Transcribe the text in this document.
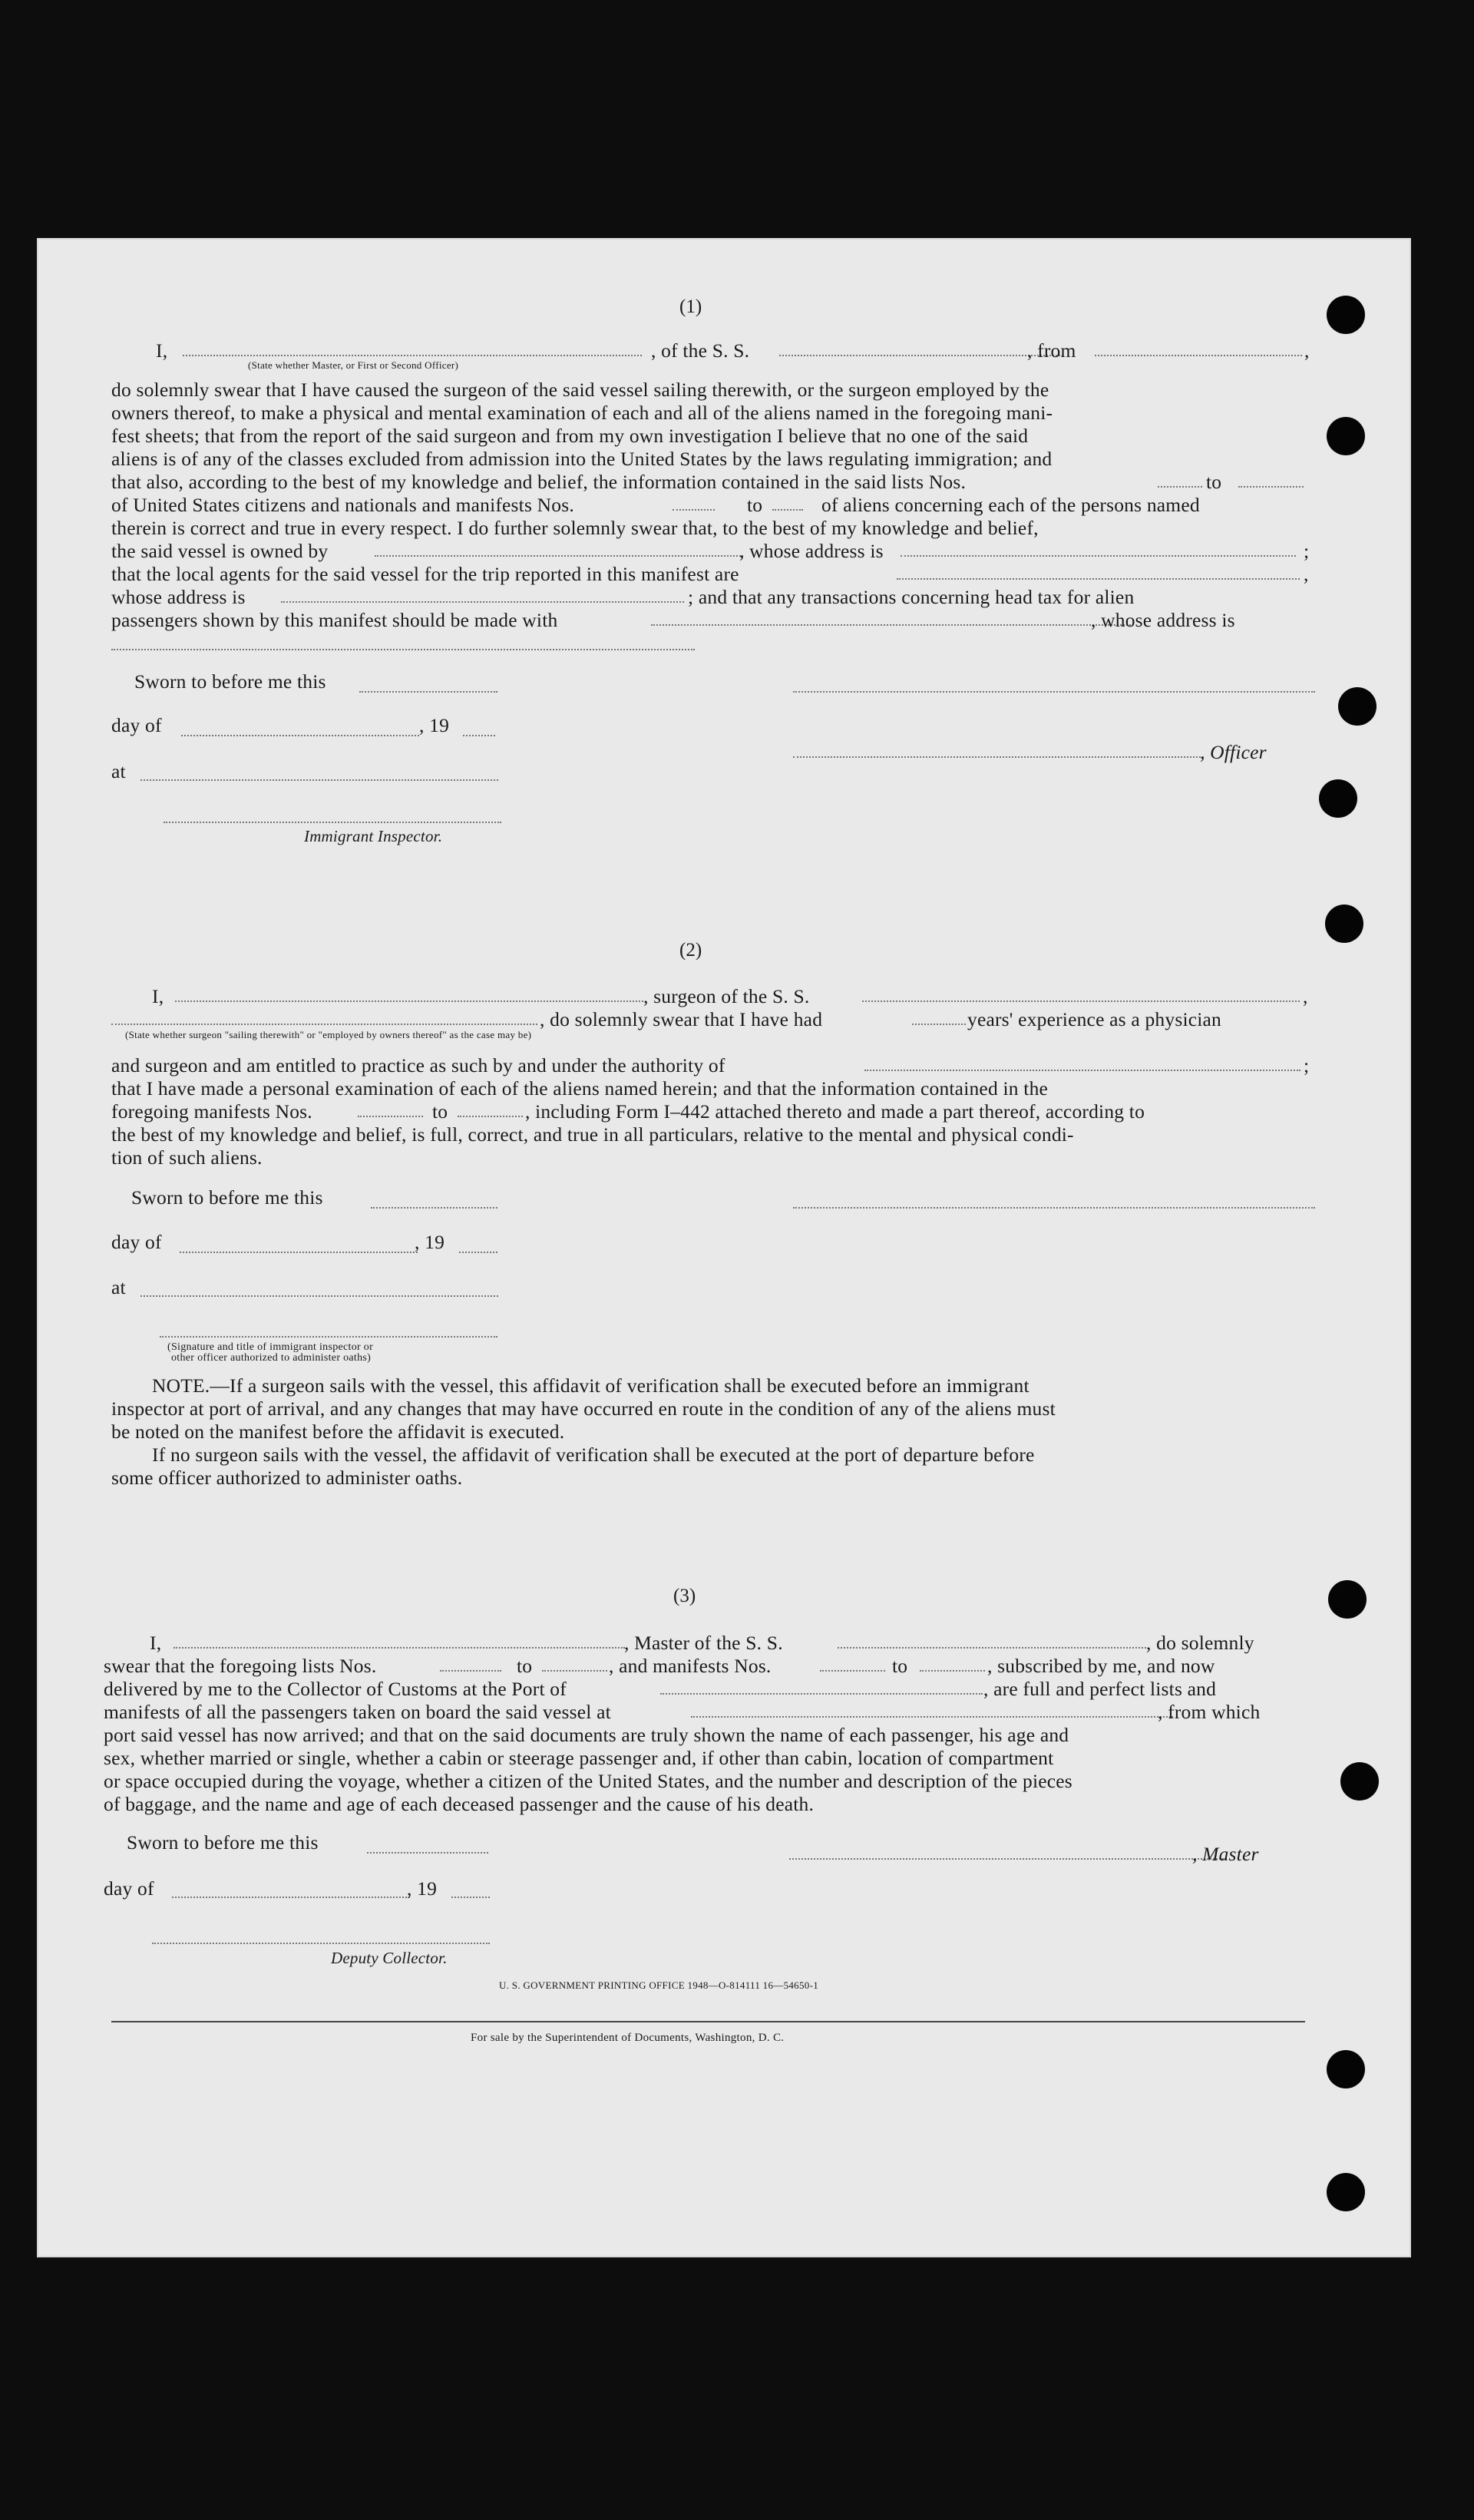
(1)
I,	, of the S. S.	, from	,
(State whether Master, or First or Second Officer)
do solemnly swear that I have caused the surgeon of the said vessel sailing therewith, or the surgeon employed by the
owners thereof, to make a physical and mental examination of each and all of the aliens named in the foregoing mani-
fest sheets; that from the report of the said surgeon and from my own investigation I believe that no one of the said
aliens is of any of the classes excluded from admission into the United States by the laws regulating immigration; and
that also, according to the best of my knowledge and belief, the information contained in the said lists Nos.	to
of United States citizens and nationals and manifests Nos.	to	of aliens concerning each of the persons named
therein is correct and true in every respect. I do further solemnly swear that, to the best of my knowledge and belief,
the said vessel is owned by	, whose address is	;
that the local agents for the said vessel for the trip reported in this manifest are	,
whose address is	; and that any transactions concerning head tax for alien
passengers shown by this manifest should be made with	, whose address is
Sworn to before me this
day of	, 19
, Officer
at
Immigrant Inspector.
(2)
I,	, surgeon of the S. S.	,
, do solemnly swear that I have had	years' experience as a physician
(State whether surgeon "sailing therewith" or "employed by owners thereof" as the case may be)
and surgeon and am entitled to practice as such by and under the authority of	;
that I have made a personal examination of each of the aliens named herein; and that the information contained in the
foregoing manifests Nos.	to	, including Form I–442 attached thereto and made a part thereof, according to
the best of my knowledge and belief, is full, correct, and true in all particulars, relative to the mental and physical condi-
tion of such aliens.
Sworn to before me this
day of	, 19
at
(Signature and title of immigrant inspector or
other officer authorized to administer oaths)
NOTE.—If a surgeon sails with the vessel, this affidavit of verification shall be executed before an immigrant
inspector at port of arrival, and any changes that may have occurred en route in the condition of any of the aliens must
be noted on the manifest before the affidavit is executed.
If no surgeon sails with the vessel, the affidavit of verification shall be executed at the port of departure before
some officer authorized to administer oaths.
(3)
I,	, Master of the S. S.	, do solemnly
swear that the foregoing lists Nos.	to	, and manifests Nos.	to	, subscribed by me, and now
delivered by me to the Collector of Customs at the Port of	, are full and perfect lists and
manifests of all the passengers taken on board the said vessel at	, from which
port said vessel has now arrived; and that on the said documents are truly shown the name of each passenger, his age and
sex, whether married or single, whether a cabin or steerage passenger and, if other than cabin, location of compartment
or space occupied during the voyage, whether a citizen of the United States, and the number and description of the pieces
of baggage, and the name and age of each deceased passenger and the cause of his death.
Sworn to before me this
, Master
day of	, 19
Deputy Collector.
U. S. GOVERNMENT PRINTING OFFICE 1948—O-814111 16—54650-1
For sale by the Superintendent of Documents, Washington, D. C.
